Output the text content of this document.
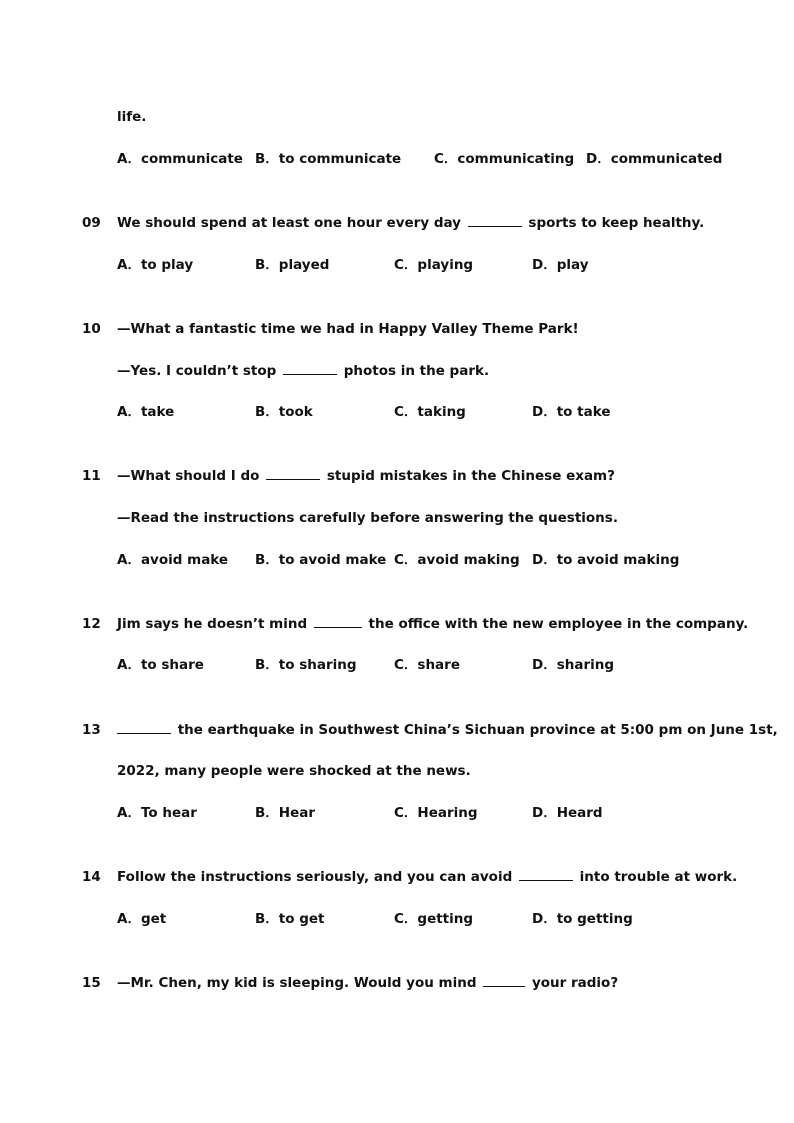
life.
A．communicate B．to communicate C．communicating D．communicated
09 We should spend at least one hour every day	sports to keep healthy.
A．to play	B．played	C．playing	D．play
10 —What a fantastic time we had in Happy Valley Theme Park!
—Yes. I couldn’t stop	photos in the park.
A．take	B．took	C．taking	D．to take
11 —What should I do	stupid mistakes in the Chinese exam?
—Read the instructions carefully before answering the questions.
A．avoid make B．to avoid make C．avoid making D．to avoid making
12 Jim says he doesn’t mind	the office with the new employee in the company.
A．to share	B．to sharing	C．share	D．sharing
13	the earthquake in Southwest China’s Sichuan province at 5:00 pm on June 1st,
2022, many people were shocked at the news.
A．To hear	B．Hear	C．Hearing	D．Heard
14 Follow the instructions seriously, and you can avoid	into trouble at work.
A．get	B．to get	C．getting	D．to getting
15 —Mr. Chen, my kid is sleeping. Would you mind	your radio?
